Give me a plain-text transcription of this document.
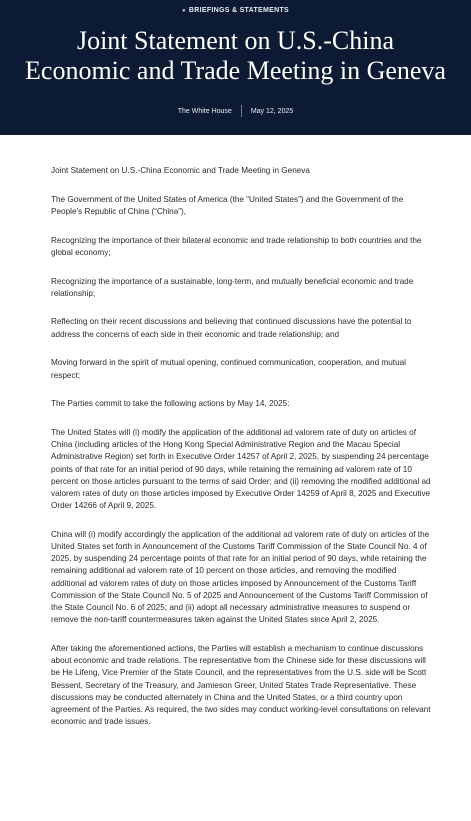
● BRIEFINGS & STATEMENTS
Joint Statement on U.S.-China
Economic and Trade Meeting in Geneva
The White House	May 12, 2025

Joint Statement on U.S.-China Economic and Trade Meeting in Geneva

The Government of the United States of America (the “United States”) and the Government of the People’s Republic of China (“China”),

Recognizing the importance of their bilateral economic and trade relationship to both countries and the global economy;

Recognizing the importance of a sustainable, long-term, and mutually beneficial economic and trade relationship;

Reflecting on their recent discussions and believing that continued discussions have the potential to address the concerns of each side in their economic and trade relationship; and

Moving forward in the spirit of mutual opening, continued communication, cooperation, and mutual respect;

The Parties commit to take the following actions by May 14, 2025:

The United States will (i) modify the application of the additional ad valorem rate of duty on articles of China (including articles of the Hong Kong Special Administrative Region and the Macau Special Administrative Region) set forth in Executive Order 14257 of April 2, 2025, by suspending 24 percentage points of that rate for an initial period of 90 days, while retaining the remaining ad valorem rate of 10 percent on those articles pursuant to the terms of said Order; and (ii) removing the modified additional ad valorem rates of duty on those articles imposed by Executive Order 14259 of April 8, 2025 and Executive Order 14266 of April 9, 2025.

China will (i) modify accordingly the application of the additional ad valorem rate of duty on articles of the United States set forth in Announcement of the Customs Tariff Commission of the State Council No. 4 of 2025, by suspending 24 percentage points of that rate for an initial period of 90 days, while retaining the remaining additional ad valorem rate of 10 percent on those articles, and removing the modified additional ad valorem rates of duty on those articles imposed by Announcement of the Customs Tariff Commission of the State Council No. 5 of 2025 and Announcement of the Customs Tariff Commission of the State Council No. 6 of 2025; and (ii) adopt all necessary administrative measures to suspend or remove the non-tariff countermeasures taken against the United States since April 2, 2025.

After taking the aforementioned actions, the Parties will establish a mechanism to continue discussions about economic and trade relations. The representative from the Chinese side for these discussions will be He Lifeng, Vice Premier of the State Council, and the representatives from the U.S. side will be Scott Bessent, Secretary of the Treasury, and Jamieson Greer, United States Trade Representative. These discussions may be conducted alternately in China and the United States, or a third country upon agreement of the Parties. As required, the two sides may conduct working-level consultations on relevant economic and trade issues.
